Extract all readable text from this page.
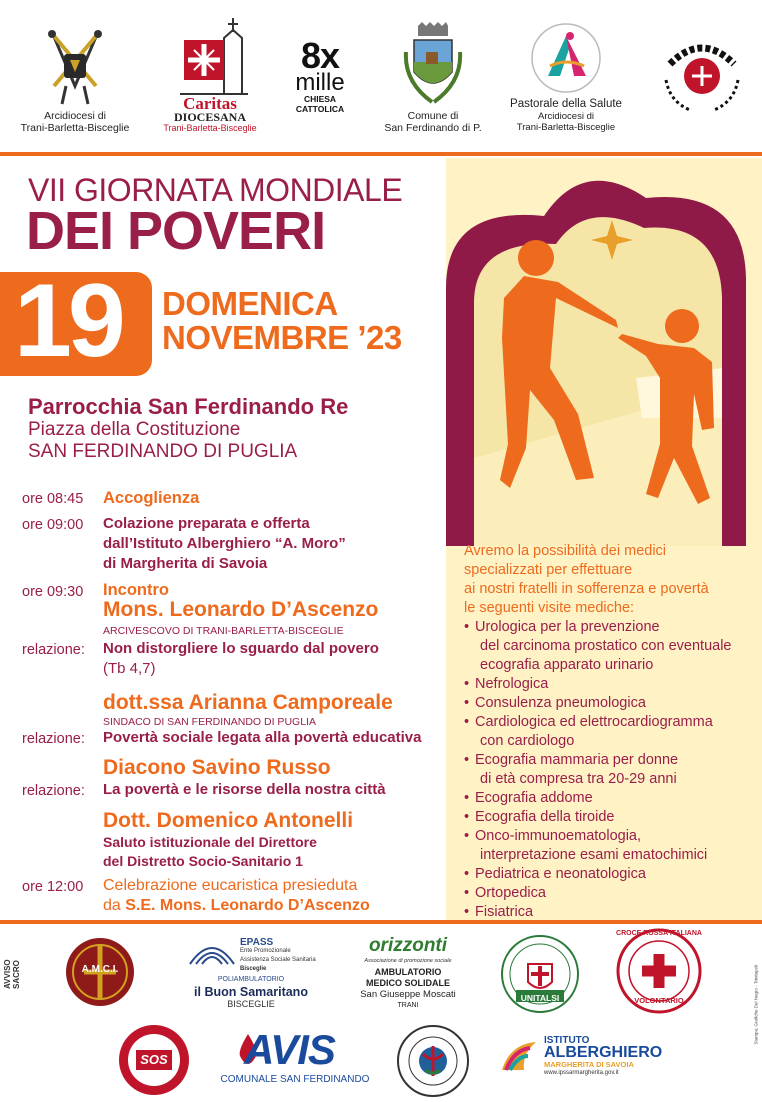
Arcidiocesi di
Trani-Barletta-Bisceglie
Caritas
DIOCESANA
Trani-Barletta-Bisceglie
8x
mille
CHIESA CATTOLICA
Comune di
San Ferdinando di P.
Pastorale della Salute
Arcidiocesi di
Trani-Barletta-Bisceglie
Avremo la possibilità dei medici
specializzati per effettuare
ai nostri fratelli in sofferenza e povertà
le seguenti visite mediche:
• Urologica per la prevenzione
del carcinoma prostatico con eventuale
ecografia apparato urinario
• Nefrologica
• Consulenza pneumologica
• Cardiologica ed elettrocardiogramma
con cardiologo
• Ecografia mammaria per donne
di età compresa tra 20-29 anni
• Ecografia addome
• Ecografia della tiroide
• Onco-immunoematologia,
interpretazione esami ematochimici
• Pediatrica e neonatologica
• Ortopedica
• Fisiatrica
VII GIORNATA MONDIALE
DEI POVERI
19 DOMENICA
NOVEMBRE ’23
Parrocchia San Ferdinando Re
Piazza della Costituzione
SAN FERDINANDO DI PUGLIA
ore 08:45 Accoglienza
ore 09:00 Colazione preparata e offerta
dall’Istituto Alberghiero “A. Moro”
di Margherita di Savoia
ore 09:30 Incontro
Mons. Leonardo D’Ascenzo
ARCIVESCOVO DI TRANI-BARLETTA-BISCEGLIE
relazione: Non distorgliere lo sguardo dal povero
(Tb 4,7)
dott.ssa Arianna Camporeale
SINDACO DI SAN FERDINANDO DI PUGLIA
relazione: Povertà sociale legata alla povertà educativa
Diacono Savino Russo
relazione: La povertà e le risorse della nostra città
Dott. Domenico Antonelli
Saluto istituzionale del Direttore
del Distretto Socio-Sanitario 1
ore 12:00 Celebrazione eucaristica presieduta
da S.E. Mons. Leonardo D’Ascenzo
AVVISO SACRO	A.M.C.I.
EPASS
Ente Promozionale
Assistenza Sociale Sanitaria
Bisceglie
POLIAMBULATORIO
il Buon Samaritano
BISCEGLIE
orizzonti
Associazione di promozione sociale
AMBULATORIO
MEDICO SOLIDALE
San Giuseppe Moscati
TRANI
UNITALSI
CROCE ROSSA ITALIANA
VOLONTARIO	Stampa: Grafiche Del Negro - Trinitapoli
SOS	AVIS
COMUNALE SAN FERDINANDO
ISTITUTO
ALBERGHIERO
MARGHERITA DI SAVOIA
www.ipssarmargherita.gov.it
